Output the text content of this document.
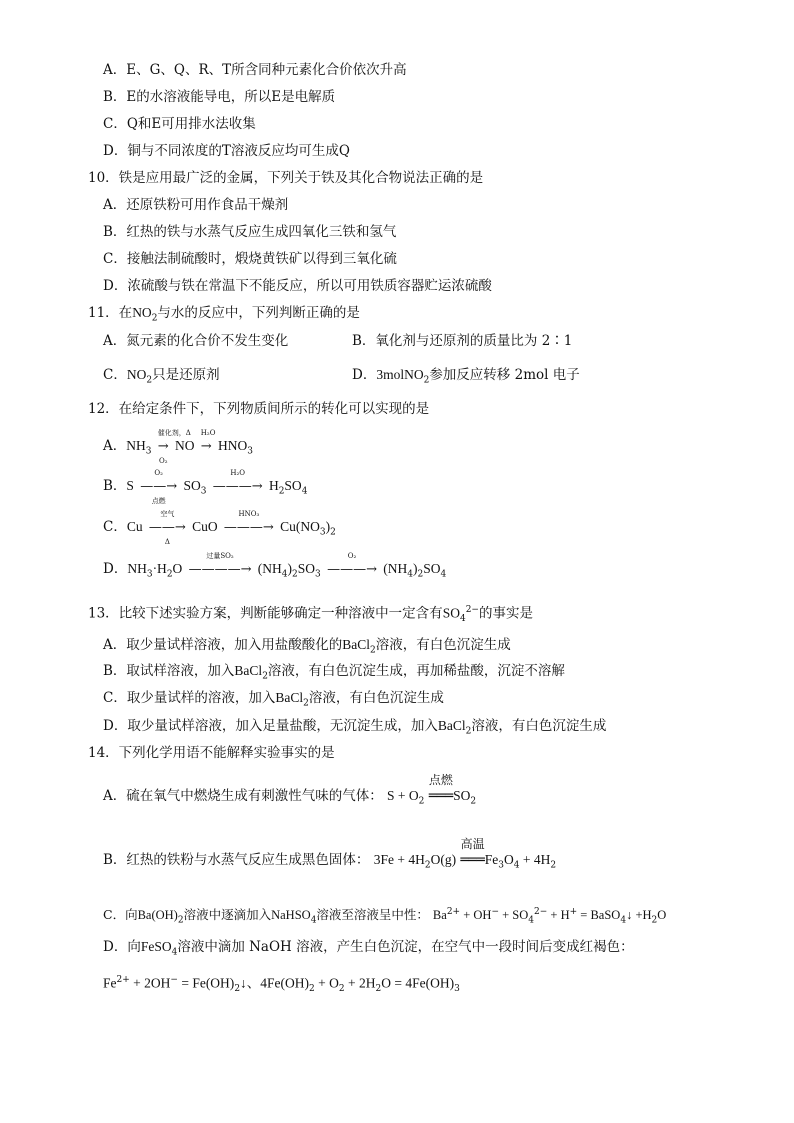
A．E、G、Q、R、T所含同种元素化合价依次升高
B．E的水溶液能导电，所以E是电解质
C．Q和E可用排水法收集
D．铜与不同浓度的T溶液反应均可生成Q
10．铁是应用最广泛的金属，下列关于铁及其化合物说法正确的是
A．还原铁粉可用作食品干燥剂
B．红热的铁与水蒸气反应生成四氧化三铁和氢气
C．接触法制硫酸时，煅烧黄铁矿以得到三氧化硫
D．浓硫酸与铁在常温下不能反应，所以可用铁质容器贮运浓硫酸
11．在$NO_2$与水的反应中，下列判断正确的是
A．氮元素的化合价不发生变化	B．氧化剂与还原剂的质量比为 2∶1
C．$NO_2$只是还原剂	D．3molNO$_2$参加反应转移 2mol 电子
12．在给定条件下，下列物质间所示的转化可以实现的是
A．$NH_3$
催化剂，Δ
→
O₂
NO
H₂O
→ $HNO_3$
B．S
O₂
——→
点燃
$SO_3$
H₂O
———→ $H_2SO_4$
C．Cu
空气
——→
Δ
CuO
HNO₃
———→ $Cu(NO_3)_2$
D．$NH_3\cdot H_2O$
过量SO₂
————→ $(NH_4)_2SO_3$
O₂
———→ $(NH_4)_2SO_4$
13．比较下述实验方案，判断能够确定一种溶液中一定含有$SO_4^{2-}$的事实是
A．取少量试样溶液，加入用盐酸酸化的BaCl$_2$溶液，有白色沉淀生成
B．取试样溶液，加入BaCl$_2$溶液，有白色沉淀生成，再加稀盐酸，沉淀不溶解
C．取少量试样的溶液，加入BaCl$_2$溶液，有白色沉淀生成
D．取少量试样溶液，加入足量盐酸，无沉淀生成，加入BaCl$_2$溶液，有白色沉淀生成
14．下列化学用语不能解释实验事实的是
A．硫在氧气中燃烧生成有刺激性气味的气体： $S + O_2$
点燃
$═══SO_2$
B．红热的铁粉与水蒸气反应生成黑色固体： $3Fe + 4H_2O(g)$
高温
$═══Fe_3O_4 + 4H_2$
C．向$Ba(OH)_2$溶液中逐滴加入NaHSO$_4$溶液至溶液呈中性： $Ba^{2+} + OH^- + SO_4^{2-} + H^+$ = BaSO$_4$↓ $+H_2O$
D．向FeSO$_4$溶液中滴加 NaOH 溶液，产生白色沉淀，在空气中一段时间后变成红褐色：
$Fe^{2+} + 2OH^-$ = $Fe(OH)_2↓$、$4Fe(OH)_2 + O_2 + 2H_2O = 4Fe(OH)_3$
